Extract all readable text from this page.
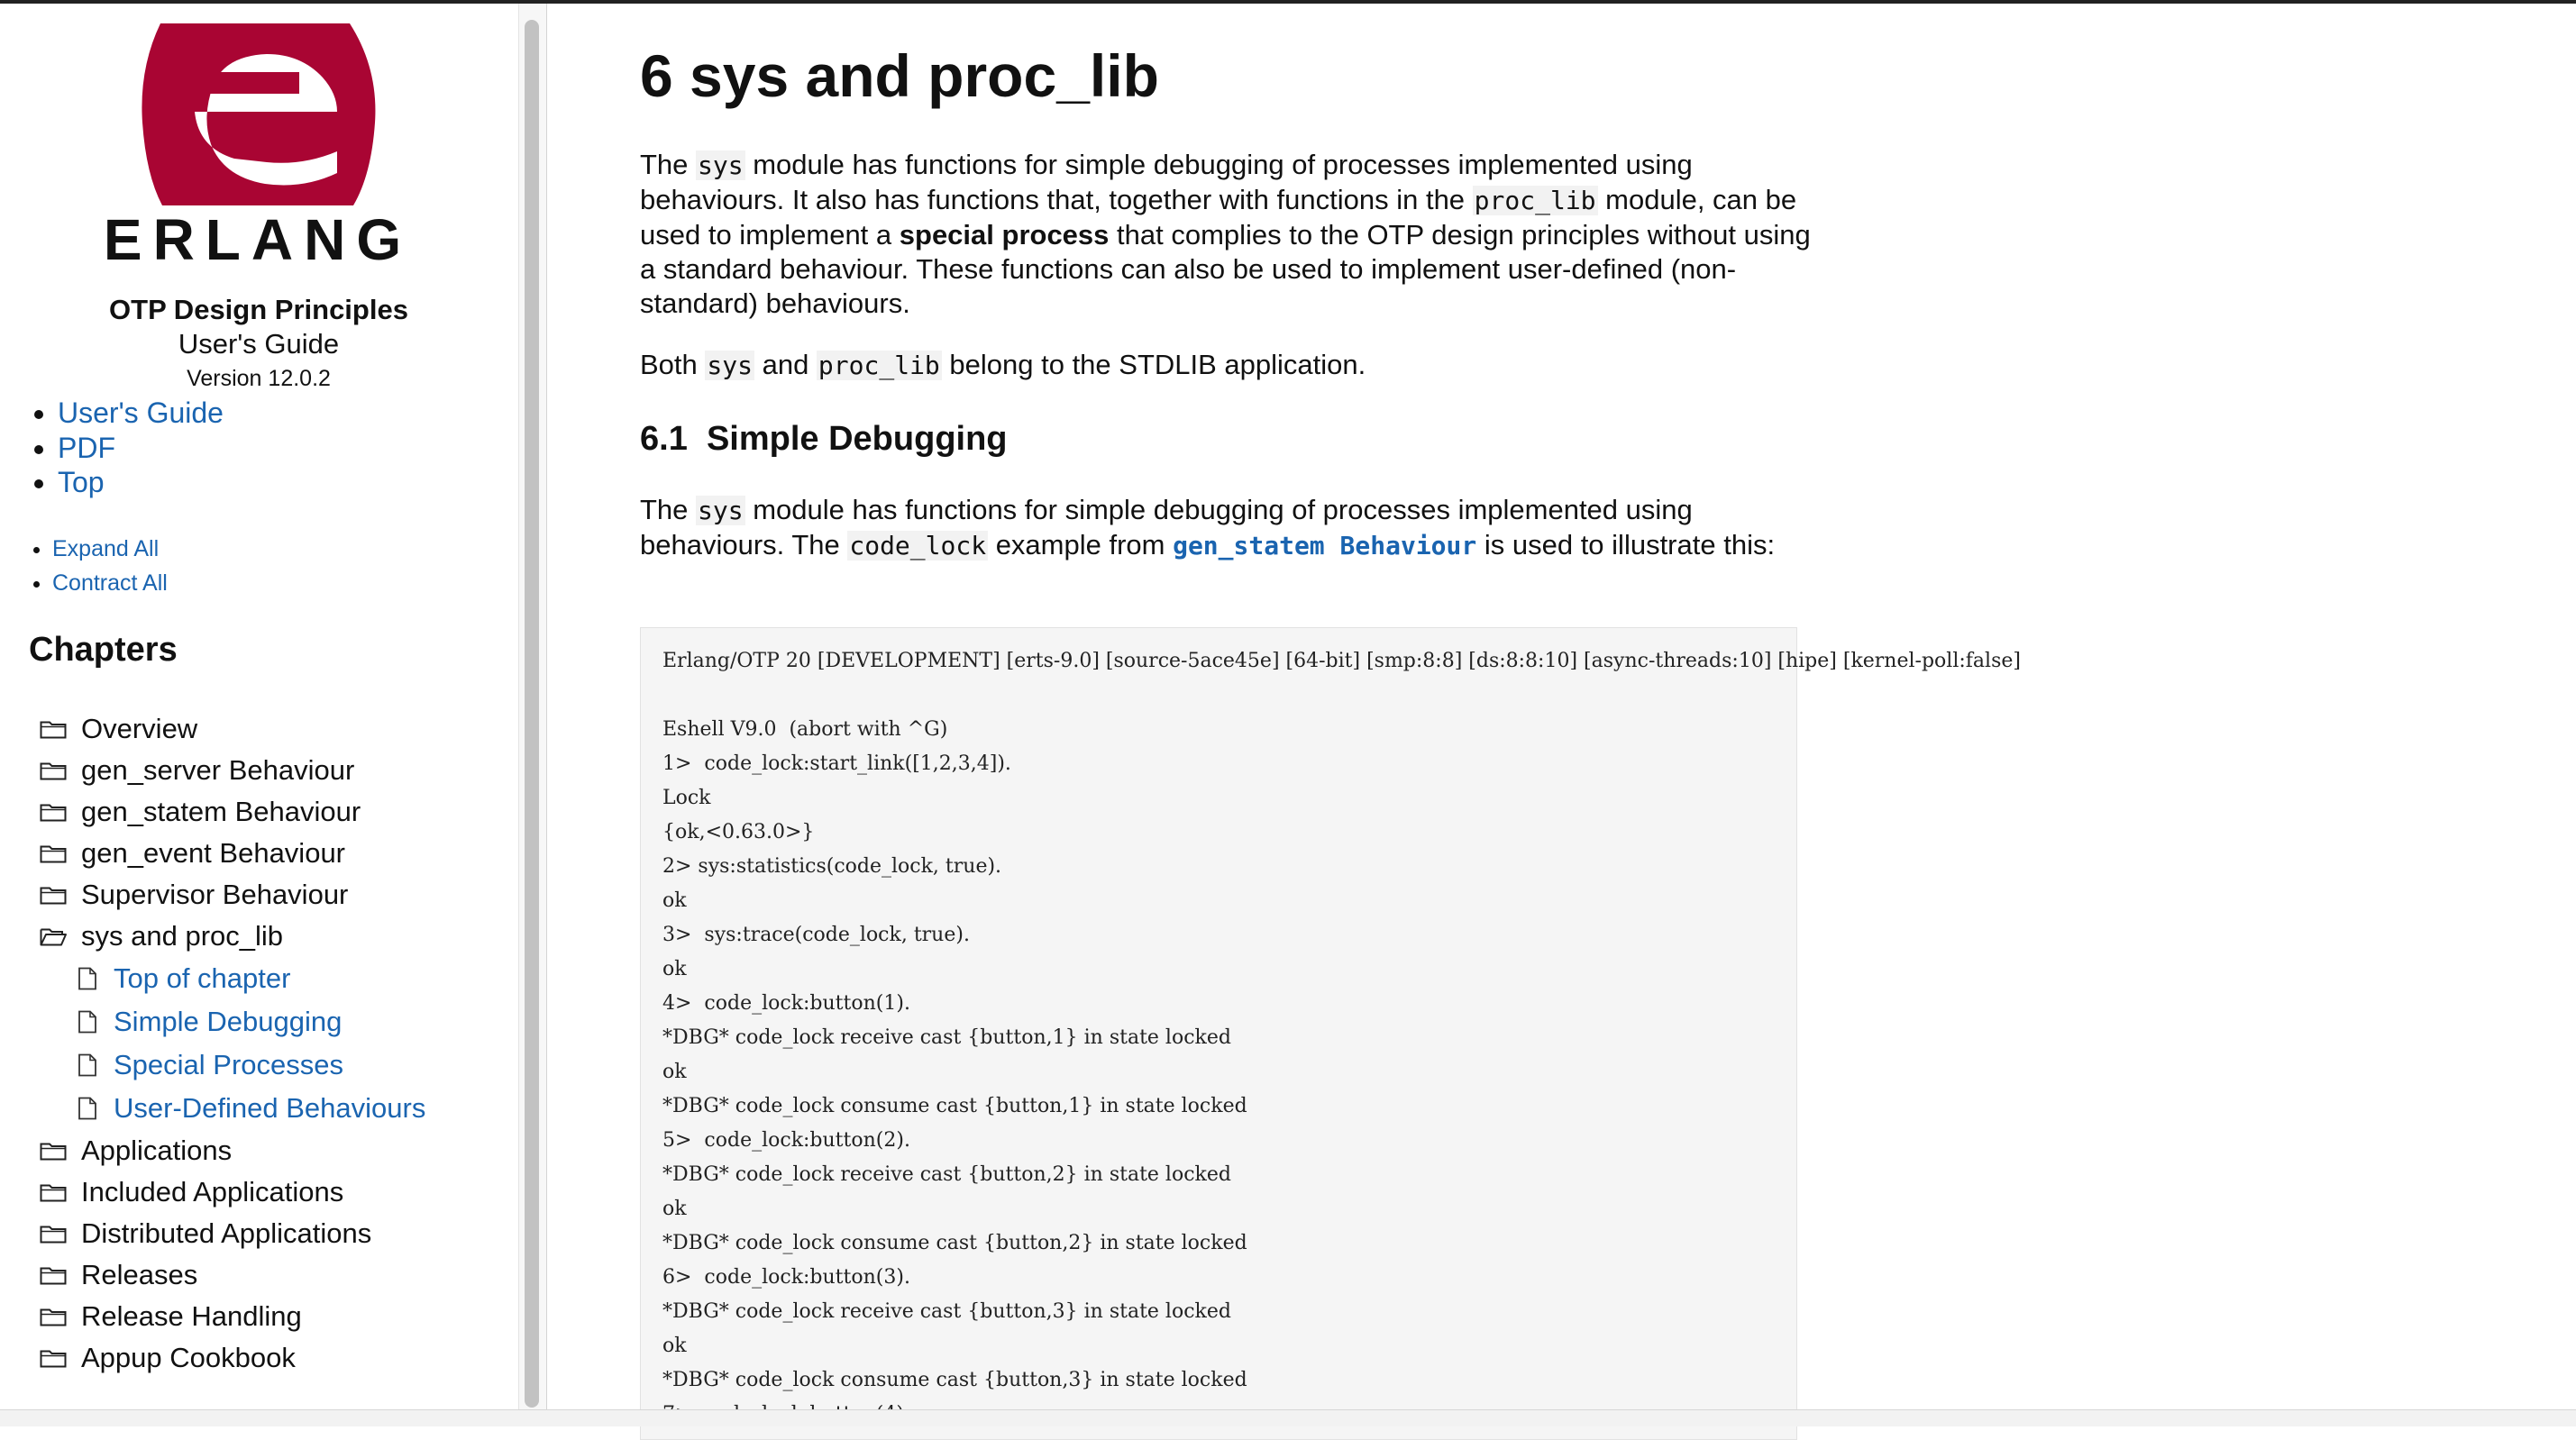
ERLANG
OTP Design Principles
User's Guide
Version 12.0.2
• User's Guide
• PDF
• Top
• Expand All
• Contract All
Chapters
Overview
gen_server Behaviour
gen_statem Behaviour
gen_event Behaviour
Supervisor Behaviour
sys and proc_lib
Top of chapter
Simple Debugging
Special Processes
User-Defined Behaviours
Applications
Included Applications
Distributed Applications
Releases
Release Handling
Appup Cookbook
6 sys and proc_lib

The sys module has functions for simple debugging of processes implemented using behaviours. It also has functions that, together with functions in the proc_lib module, can be used to implement a special process that complies to the OTP design principles without using a standard behaviour. These functions can also be used to implement user-defined (non-standard) behaviours.

Both sys and proc_lib belong to the STDLIB application.

6.1 Simple Debugging

The sys module has functions for simple debugging of processes implemented using behaviours. The code_lock example from gen_statem Behaviour is used to illustrate this:

Erlang/OTP 20 [DEVELOPMENT] [erts-9.0] [source-5ace45e] [64-bit] [smp:8:8] [ds:8:8:10] [async-threads:10] [hipe] [kernel-poll:false]

Eshell V9.0  (abort with ^G)
1>  code_lock:start_link([1,2,3,4]).
Lock
{ok,<0.63.0>}
2> sys:statistics(code_lock, true).
ok
3>  sys:trace(code_lock, true).
ok
4>  code_lock:button(1).
*DBG* code_lock receive cast {button,1} in state locked
ok
*DBG* code_lock consume cast {button,1} in state locked
5>  code_lock:button(2).
*DBG* code_lock receive cast {button,2} in state locked
ok
*DBG* code_lock consume cast {button,2} in state locked
6>  code_lock:button(3).
*DBG* code_lock receive cast {button,3} in state locked
ok
*DBG* code_lock consume cast {button,3} in state locked
